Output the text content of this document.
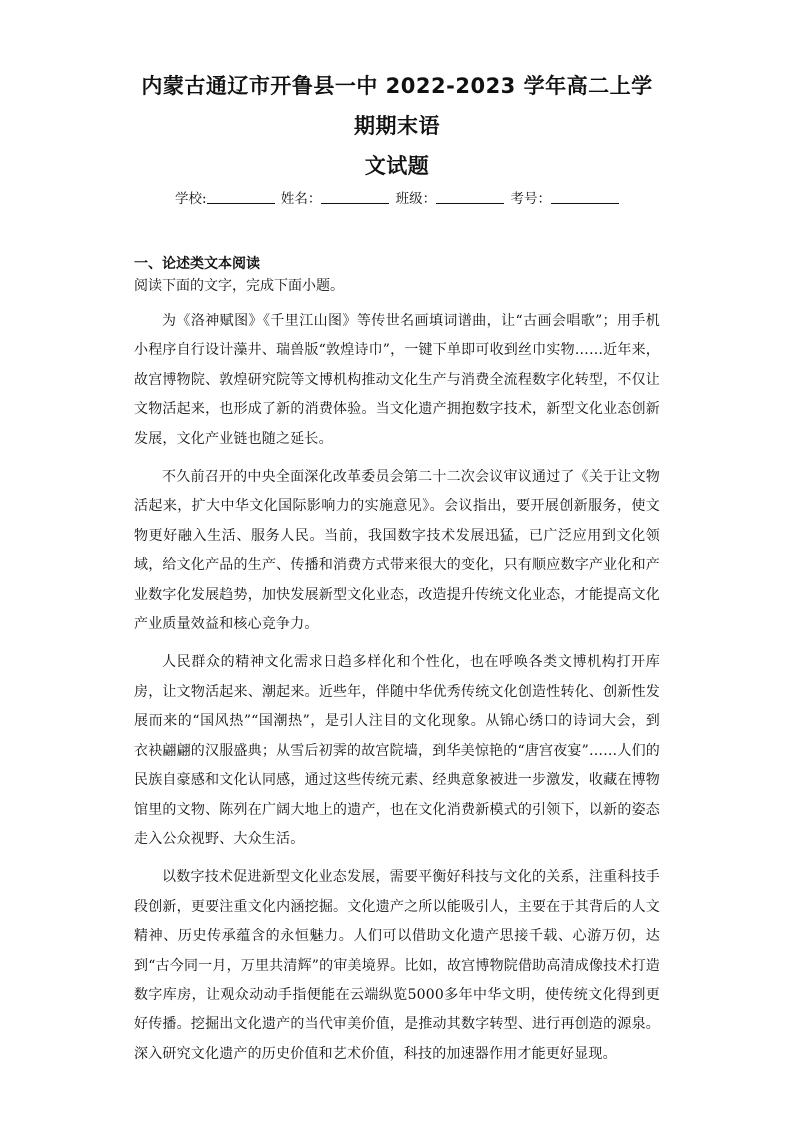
内蒙古通辽市开鲁县一中 2022-2023 学年高二上学期期末语
文试题
学校:	姓名：	班级：	考号：
一、论述类文本阅读

阅读下面的文字，完成下面小题。

为《洛神赋图》《千里江山图》等传世名画填词谱曲，让“古画会唱歌”；用手机小程序自行设计藻井、瑞兽版“敦煌诗巾”，一键下单即可收到丝巾实物……近年来，故宫博物院、敦煌研究院等文博机构推动文化生产与消费全流程数字化转型，不仅让文物活起来，也形成了新的消费体验。当文化遗产拥抱数字技术，新型文化业态创新发展，文化产业链也随之延长。

不久前召开的中央全面深化改革委员会第二十二次会议审议通过了《关于让文物活起来，扩大中华文化国际影响力的实施意见》。会议指出，要开展创新服务，使文物更好融入生活、服务人民。当前，我国数字技术发展迅猛，已广泛应用到文化领域，给文化产品的生产、传播和消费方式带来很大的变化，只有顺应数字产业化和产业数字化发展趋势，加快发展新型文化业态，改造提升传统文化业态，才能提高文化产业质量效益和核心竞争力。

人民群众的精神文化需求日趋多样化和个性化，也在呼唤各类文博机构打开库房，让文物活起来、潮起来。近些年，伴随中华优秀传统文化创造性转化、创新性发展而来的“国风热”“国潮热”，是引人注目的文化现象。从锦心绣口的诗词大会，到衣袂翩翩的汉服盛典；从雪后初霁的故宫院墙，到华美惊艳的“唐宫夜宴”……人们的民族自豪感和文化认同感，通过这些传统元素、经典意象被进一步激发，收藏在博物馆里的文物、陈列在广阔大地上的遗产，也在文化消费新模式的引领下，以新的姿态走入公众视野、大众生活。

以数字技术促进新型文化业态发展，需要平衡好科技与文化的关系，注重科技手段创新，更要注重文化内涵挖掘。文化遗产之所以能吸引人，主要在于其背后的人文精神、历史传承蕴含的永恒魅力。人们可以借助文化遗产思接千载、心游万仞，达到“古今同一月，万里共清辉”的审美境界。比如，故宫博物院借助高清成像技术打造数字库房，让观众动动手指便能在云端纵览5000多年中华文明，使传统文化得到更好传播。挖掘出文化遗产的当代审美价值，是推动其数字转型、进行再创造的源泉。深入研究文化遗产的历史价值和艺术价值，科技的加速器作用才能更好显现。
